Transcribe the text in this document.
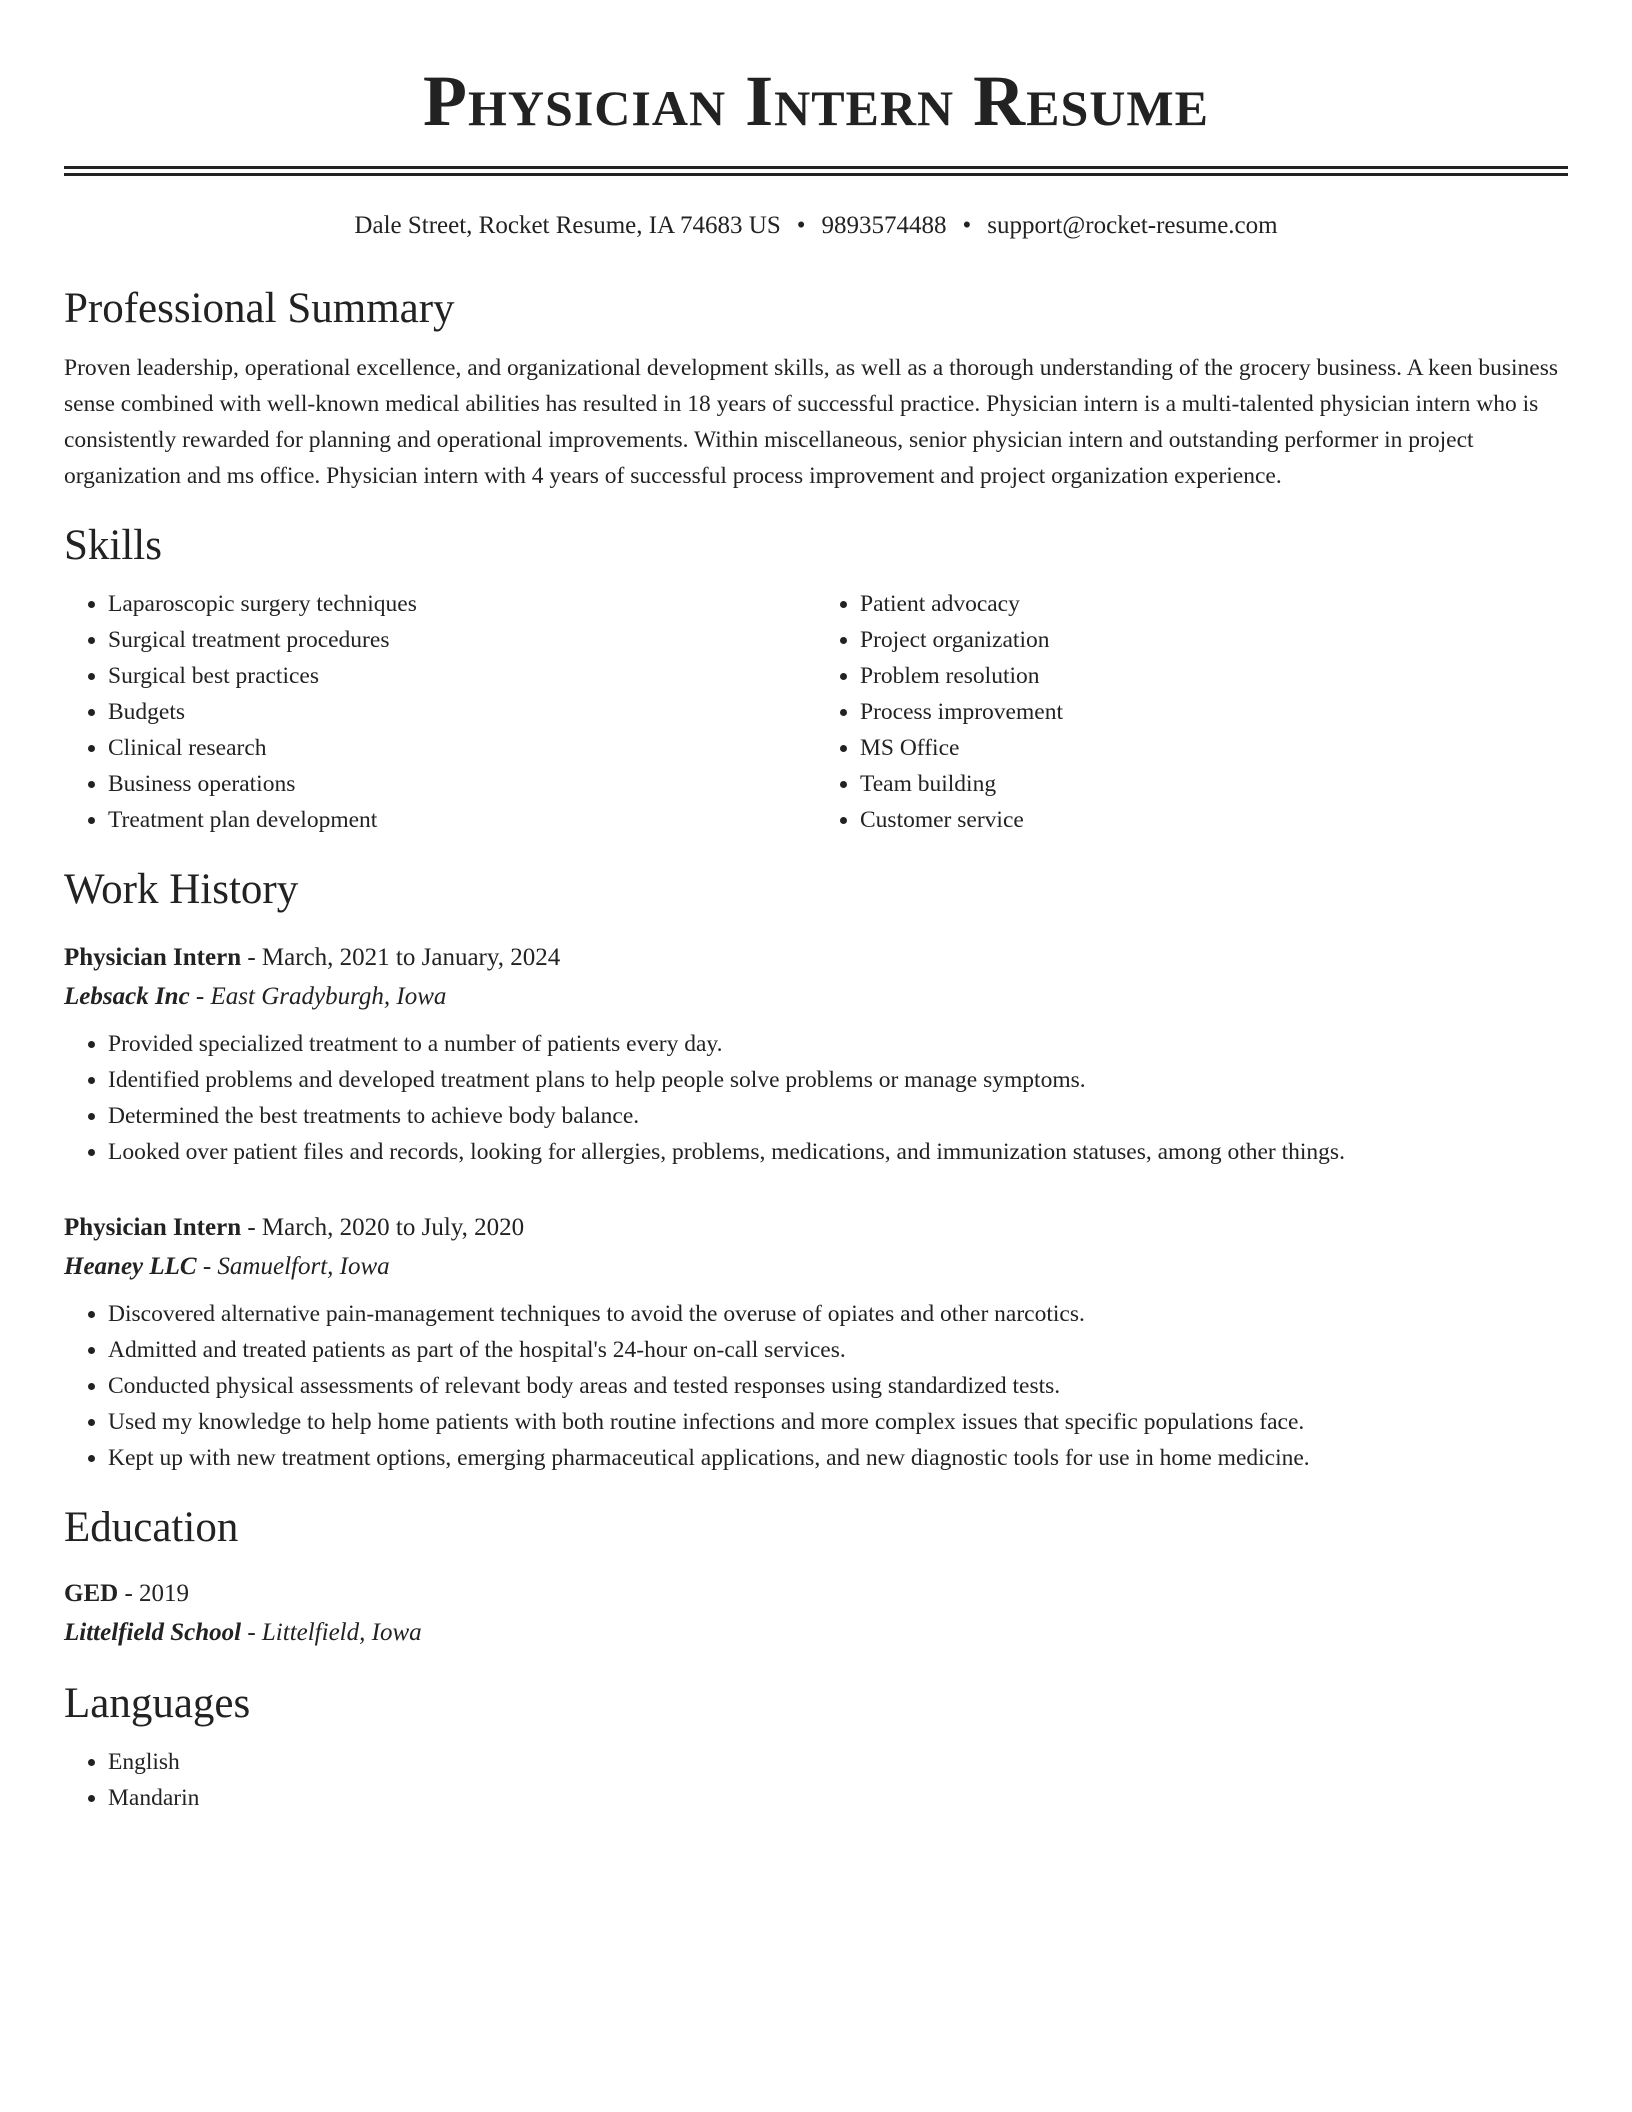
Physician Intern Resume
Dale Street, Rocket Resume, IA 74683 US • 9893574488 • support@rocket-resume.com
Professional Summary

Proven leadership, operational excellence, and organizational development skills, as well as a thorough understanding of the grocery business. A keen business sense combined with well-known medical abilities has resulted in 18 years of successful practice. Physician intern is a multi-talented physician intern who is consistently rewarded for planning and operational improvements. Within miscellaneous, senior physician intern and outstanding performer in project organization and ms office. Physician intern with 4 years of successful process improvement and project organization experience.

Skills
• Laparoscopic surgery techniques
• Surgical treatment procedures
• Surgical best practices
• Budgets
• Clinical research
• Business operations
• Treatment plan development
• Patient advocacy
• Project organization
• Problem resolution
• Process improvement
• MS Office
• Team building
• Customer service
Work History
Physician Intern - March, 2021 to January, 2024
Lebsack Inc - East Gradyburgh, Iowa
• Provided specialized treatment to a number of patients every day.
• Identified problems and developed treatment plans to help people solve problems or manage symptoms.
• Determined the best treatments to achieve body balance.
• Looked over patient files and records, looking for allergies, problems, medications, and immunization statuses, among other things.
Physician Intern - March, 2020 to July, 2020
Heaney LLC - Samuelfort, Iowa
• Discovered alternative pain-management techniques to avoid the overuse of opiates and other narcotics.
• Admitted and treated patients as part of the hospital's 24-hour on-call services.
• Conducted physical assessments of relevant body areas and tested responses using standardized tests.
• Used my knowledge to help home patients with both routine infections and more complex issues that specific populations face.
• Kept up with new treatment options, emerging pharmaceutical applications, and new diagnostic tools for use in home medicine.
Education
GED - 2019
Littelfield School - Littelfield, Iowa
Languages
• English
• Mandarin
